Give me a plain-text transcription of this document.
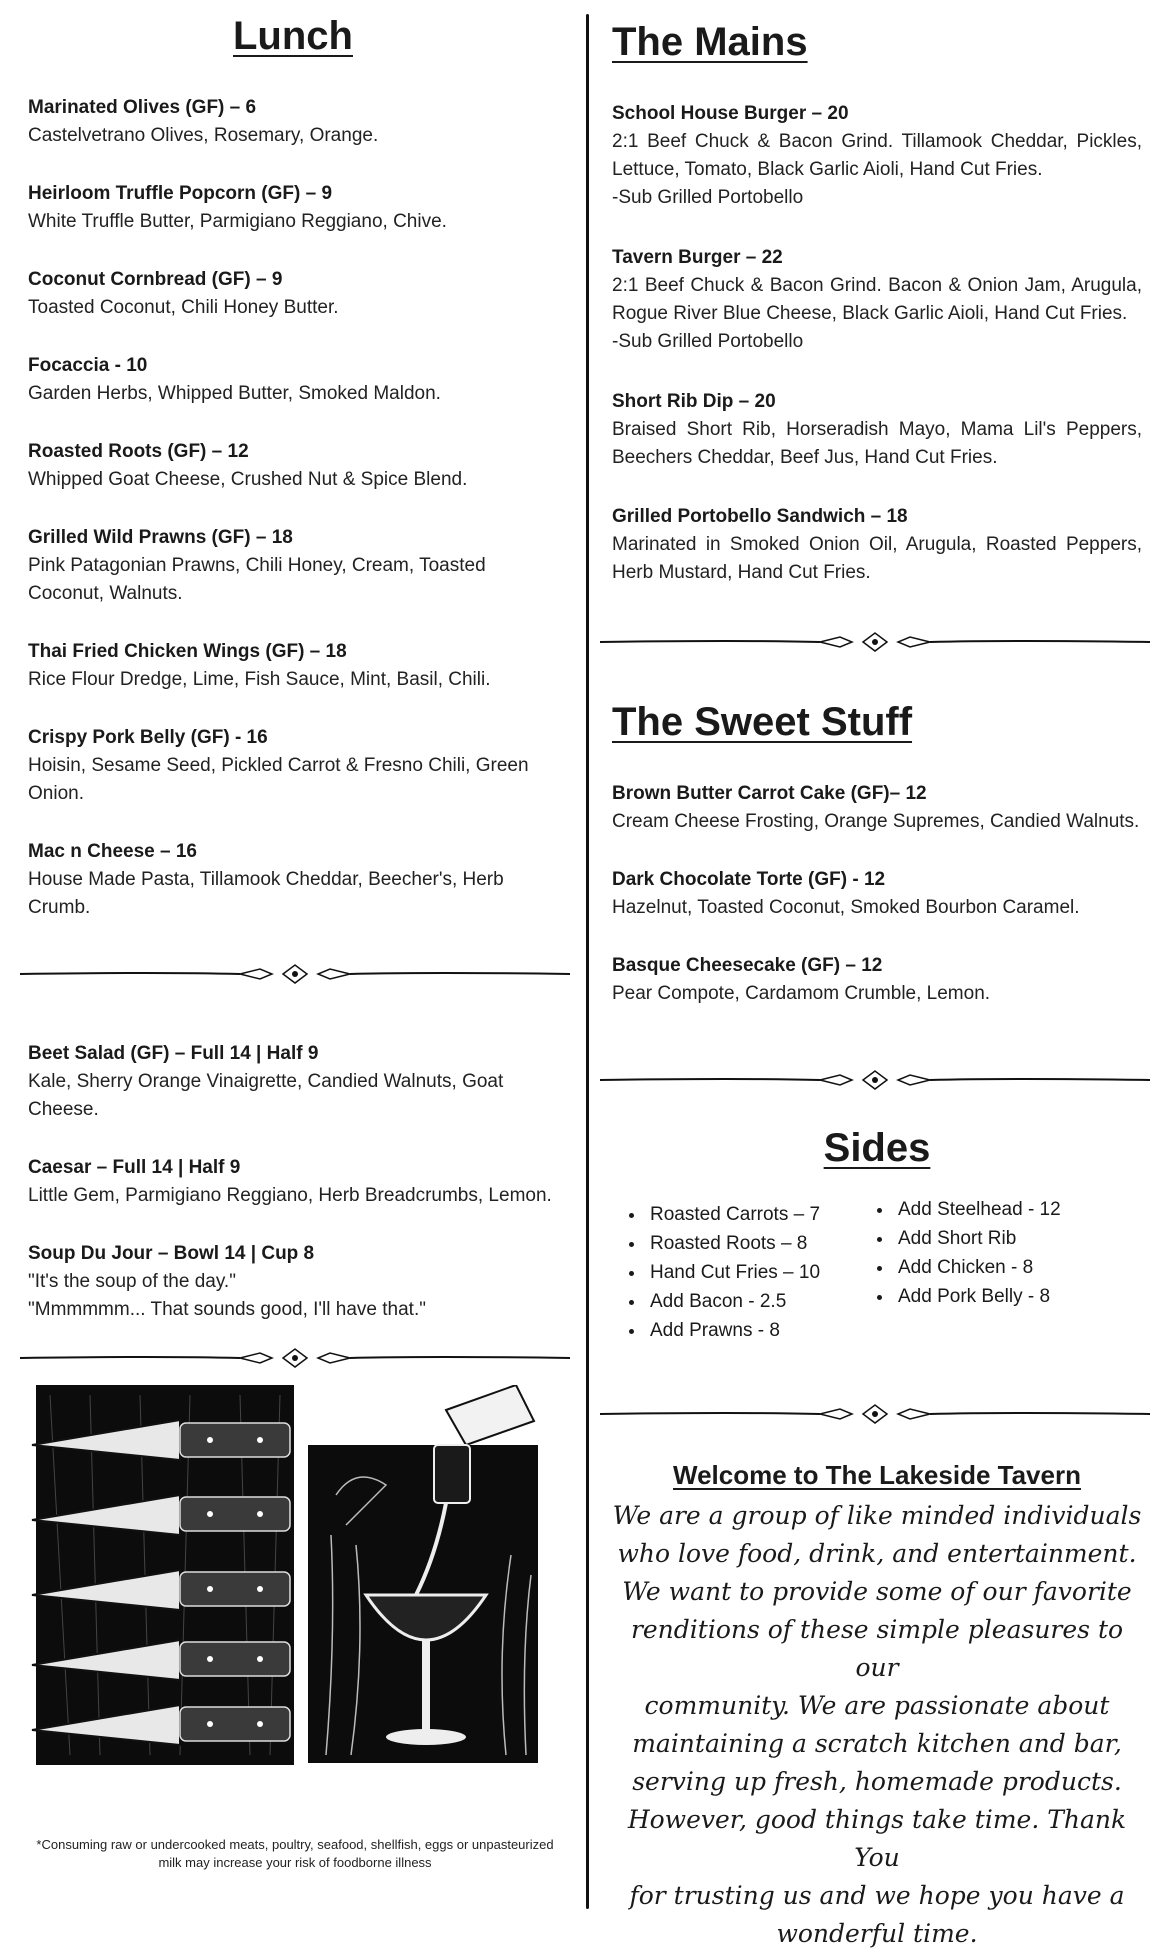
Lunch
Marinated Olives (GF) – 6
Castelvetrano Olives, Rosemary, Orange.
Heirloom Truffle Popcorn (GF) – 9
White Truffle Butter, Parmigiano Reggiano, Chive.
Coconut Cornbread (GF) – 9
Toasted Coconut, Chili Honey Butter.
Focaccia - 10
Garden Herbs, Whipped Butter, Smoked Maldon.
Roasted Roots (GF) – 12
Whipped Goat Cheese, Crushed Nut & Spice Blend.
Grilled Wild Prawns (GF) – 18
Pink Patagonian Prawns, Chili Honey, Cream, Toasted Coconut, Walnuts.
Thai Fried Chicken Wings (GF) – 18
Rice Flour Dredge, Lime, Fish Sauce, Mint, Basil, Chili.
Crispy Pork Belly (GF) - 16
Hoisin, Sesame Seed, Pickled Carrot & Fresno Chili, Green Onion.
Mac n Cheese – 16
House Made Pasta, Tillamook Cheddar, Beecher's, Herb Crumb.
Beet Salad (GF) – Full 14 | Half 9
Kale, Sherry Orange Vinaigrette, Candied Walnuts, Goat Cheese.
Caesar – Full 14 | Half 9
Little Gem, Parmigiano Reggiano, Herb Breadcrumbs, Lemon.
Soup Du Jour – Bowl 14 | Cup 8
"It's the soup of the day."
"Mmmmmm... That sounds good, I'll have that."
*Consuming raw or undercooked meats, poultry, seafood, shellfish, eggs or unpasteurized
milk may increase your risk of foodborne illness
The Mains
School House Burger – 20
2:1 Beef Chuck & Bacon Grind. Tillamook Cheddar, Pickles, Lettuce, Tomato, Black Garlic Aioli, Hand Cut Fries.
-Sub Grilled Portobello
Tavern Burger – 22
2:1 Beef Chuck & Bacon Grind. Bacon & Onion Jam, Arugula, Rogue River Blue Cheese, Black Garlic Aioli, Hand Cut Fries.
-Sub Grilled Portobello
Short Rib Dip – 20
Braised Short Rib, Horseradish Mayo, Mama Lil's Peppers, Beechers Cheddar, Beef Jus, Hand Cut Fries.
Grilled Portobello Sandwich – 18
Marinated in Smoked Onion Oil, Arugula, Roasted Peppers, Herb Mustard, Hand Cut Fries.
The Sweet Stuff
Brown Butter Carrot Cake (GF)– 12
Cream Cheese Frosting, Orange Supremes, Candied Walnuts.
Dark Chocolate Torte (GF) - 12
Hazelnut, Toasted Coconut, Smoked Bourbon Caramel.
Basque Cheesecake (GF) – 12
Pear Compote, Cardamom Crumble, Lemon.
Sides
• Roasted Carrots – 7
• Roasted Roots – 8
• Hand Cut Fries – 10
• Add Bacon - 2.5
• Add Prawns - 8
• Add Steelhead - 12
• Add Short Rib
• Add Chicken - 8
• Add Pork Belly - 8
Welcome to The Lakeside Tavern
We are a group of like minded individuals
who love food, drink, and entertainment.
We want to provide some of our favorite
renditions of these simple pleasures to our
community. We are passionate about
maintaining a scratch kitchen and bar,
serving up fresh, homemade products.
However, good things take time. Thank You
for trusting us and we hope you have a
wonderful time.
